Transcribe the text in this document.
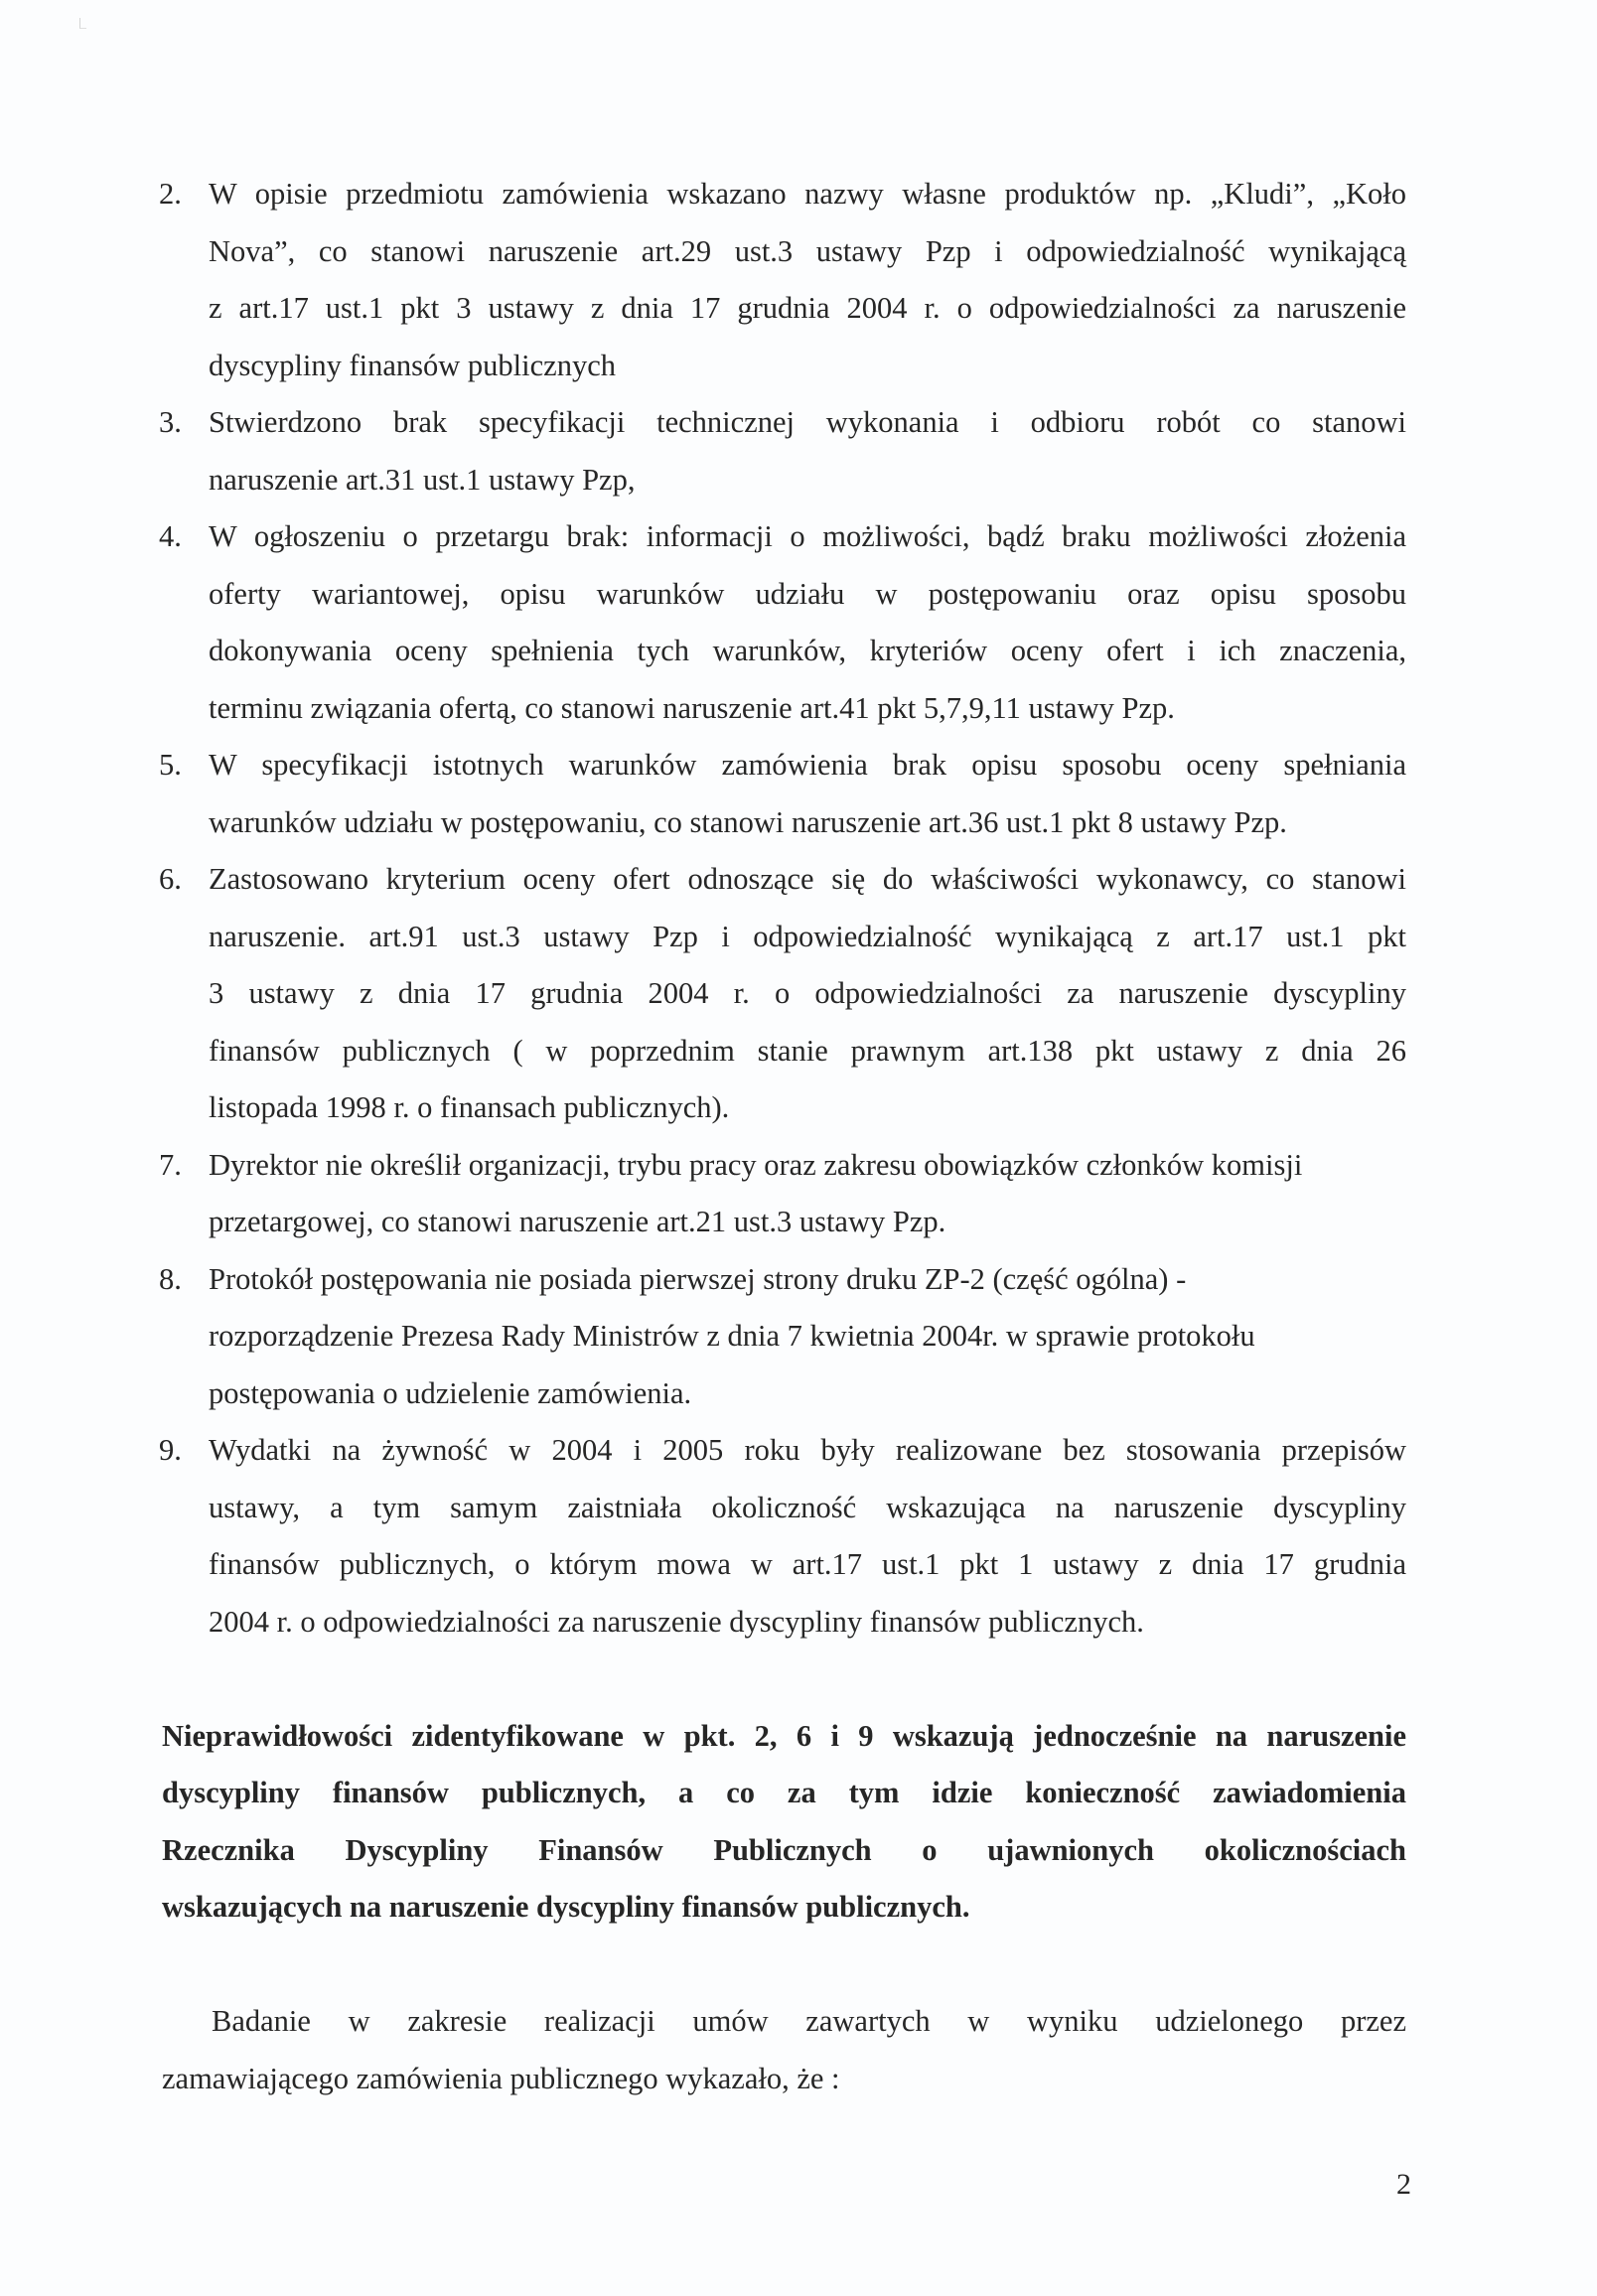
2. W opisie przedmiotu zamówienia wskazano nazwy własne produktów np. „Kludi”, „Koło
Nova”, co stanowi naruszenie art.29 ust.3 ustawy Pzp i odpowiedzialność wynikającą
z art.17 ust.1 pkt 3 ustawy z dnia 17 grudnia 2004 r. o odpowiedzialności za naruszenie
dyscypliny finansów publicznych
3. Stwierdzono brak specyfikacji technicznej wykonania i odbioru robót co stanowi
naruszenie art.31 ust.1 ustawy Pzp,
4. W ogłoszeniu o przetargu brak: informacji o możliwości, bądź braku możliwości złożenia
oferty wariantowej, opisu warunków udziału w postępowaniu oraz opisu sposobu
dokonywania oceny spełnienia tych warunków, kryteriów oceny ofert i ich znaczenia,
terminu związania ofertą, co stanowi naruszenie art.41 pkt 5,7,9,11 ustawy Pzp.
5. W specyfikacji istotnych warunków zamówienia brak opisu sposobu oceny spełniania
warunków udziału w postępowaniu, co stanowi naruszenie art.36 ust.1 pkt 8 ustawy Pzp.
6. Zastosowano kryterium oceny ofert odnoszące się do właściwości wykonawcy, co stanowi
naruszenie. art.91 ust.3 ustawy Pzp i odpowiedzialność wynikającą z art.17 ust.1 pkt
3 ustawy z dnia 17 grudnia 2004 r. o odpowiedzialności za naruszenie dyscypliny
finansów publicznych ( w poprzednim stanie prawnym art.138 pkt ustawy z dnia 26
listopada 1998 r. o finansach publicznych).
7. Dyrektor nie określił organizacji, trybu pracy oraz zakresu obowiązków członków komisji
przetargowej, co stanowi naruszenie art.21 ust.3 ustawy Pzp.
8. Protokół postępowania nie posiada pierwszej strony druku ZP-2 (część ogólna) -
rozporządzenie Prezesa Rady Ministrów z dnia 7 kwietnia 2004r. w sprawie protokołu
postępowania o udzielenie zamówienia.
9. Wydatki na żywność w 2004 i 2005 roku były realizowane bez stosowania przepisów
ustawy, a tym samym zaistniała okoliczność wskazująca na naruszenie dyscypliny
finansów publicznych, o którym mowa w art.17 ust.1 pkt 1 ustawy z dnia 17 grudnia
2004 r. o odpowiedzialności za naruszenie dyscypliny finansów publicznych.
Nieprawidłowości zidentyfikowane w pkt. 2, 6 i 9 wskazują jednocześnie na naruszenie
dyscypliny finansów publicznych, a co za tym idzie konieczność zawiadomienia
Rzecznika Dyscypliny Finansów Publicznych o ujawnionych okolicznościach
wskazujących na naruszenie dyscypliny finansów publicznych.
Badanie w zakresie realizacji umów zawartych w wyniku udzielonego przez
zamawiającego zamówienia publicznego wykazało, że :
2
